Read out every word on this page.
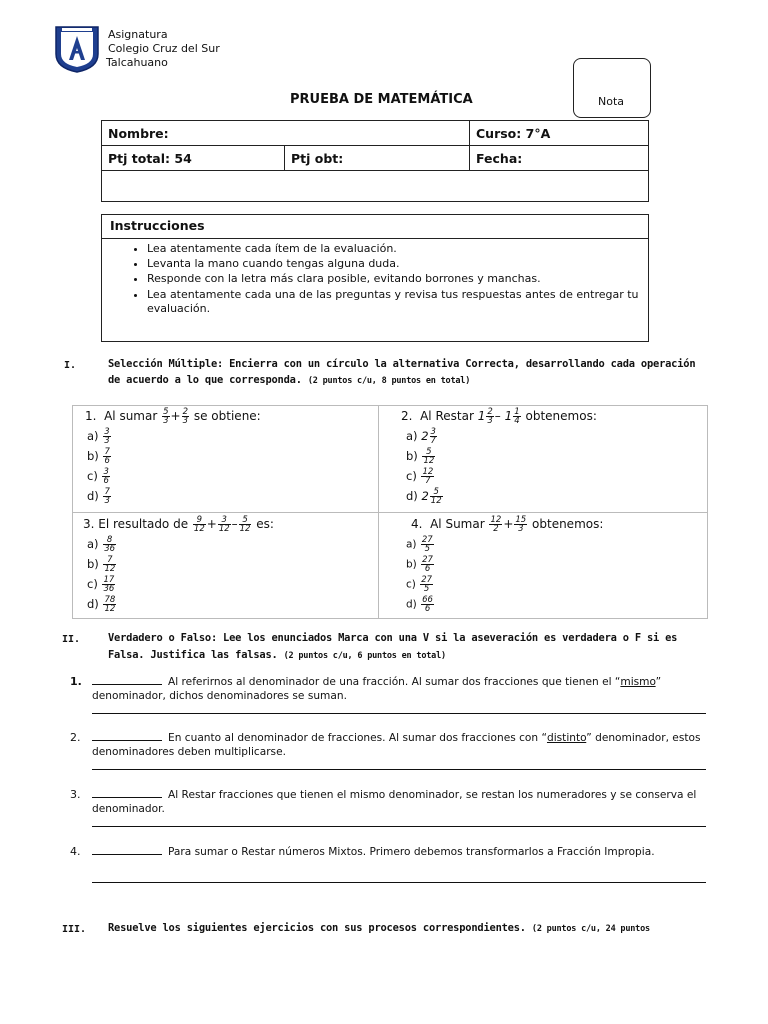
Asignatura
Colegio Cruz del Sur
Talcahuano
Nota
PRUEBA DE MATEMÁTICA
Nombre:		Curso: 7°A
Ptj total: 54	Ptj obt:	Fecha:

Instrucciones
• Lea atentamente cada ítem de la evaluación.
• Levanta la mano cuando tengas alguna duda.
• Responde con la letra más clara posible, evitando borrones y manchas.
• Lea atentamente cada una de las preguntas y revisa tus respuestas antes de entregar tu evaluación.
I.	Selección Múltiple: Encierra con un círculo la alternativa Correcta, desarrollando cada operación de acuerdo a lo que corresponda. (2 puntos c/u, 8 puntos en total)
1. Al sumar $\frac{5}{3} + \frac{2}{3}$ se obtiene:
$a) \frac{3}{3}$
$b) \frac{7}{6}$
$c) \frac{3}{6}$
$d) \frac{7}{3}$
2. Al Restar $1 \frac{2}{3} - 1 \frac{1}{4}$ obtenemos:
a) $2 \frac{3}{7}$
$b) \frac{5}{12}$
$c) \frac{12}{7}$
d) $2 \frac{5}{12}$
3. El resultado de $\frac{9}{12} + \frac{3}{12} - \frac{5}{12}$ es:
$a) \frac{8}{36}$
$b) \frac{7}{12}$
$c) \frac{17}{36}$
$d) \frac{78}{12}$
4. Al Sumar $\frac{12}{2} + \frac{15}{3}$ obtenemos:
$a) \frac{27}{5}$
$b) \frac{27}{6}$
$c) \frac{27}{5}$
$d) \frac{66}{6}$
II.	Verdadero o Falso: Lee los enunciados Marca con una V si la aseveración es verdadera o F si es Falsa. Justifica las falsas. (2 puntos c/u, 6 puntos en total)
1.	Al referirnos al denominador de una fracción. Al sumar dos fracciones que tienen el “mismo” denominador, dichos denominadores se suman.
2.	En cuanto al denominador de fracciones. Al sumar dos fracciones con “distinto” denominador, estos denominadores deben multiplicarse.
3.	Al Restar fracciones que tienen el mismo denominador, se restan los numeradores y se conserva el denominador.
4.	Para sumar o Restar números Mixtos. Primero debemos transformarlos a Fracción Impropia.
III. Resuelve los siguientes ejercicios con sus procesos correspondientes. (2 puntos c/u, 24 puntos
